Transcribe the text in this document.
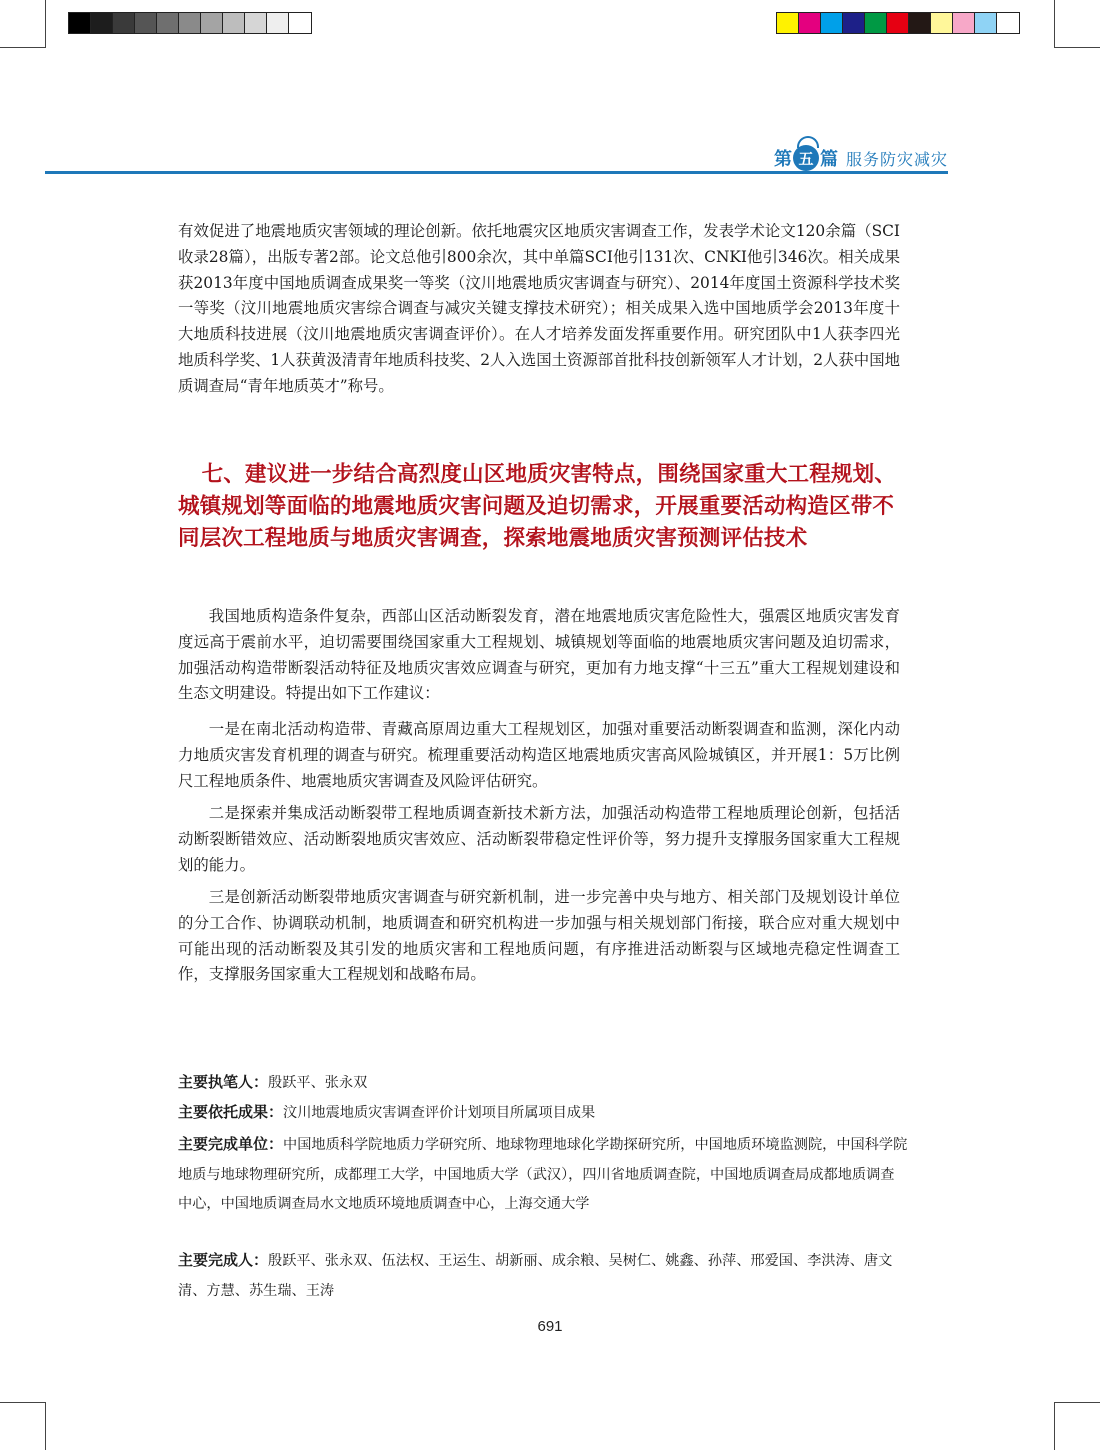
第 五 篇 服务防灾减灾

有效促进了地震地质灾害领域的理论创新。依托地震灾区地质灾害调查工作，发表学术论文120余篇（SCI收录28篇），出版专著2部。论文总他引800余次，其中单篇SCI他引131次、CNKI他引346次。相关成果获2013年度中国地质调查成果奖一等奖（汶川地震地质灾害调查与研究）、2014年度国土资源科学技术奖一等奖（汶川地震地质灾害综合调查与减灾关键支撑技术研究）；相关成果入选中国地质学会2013年度十大地质科技进展（汶川地震地质灾害调查评价）。在人才培养发面发挥重要作用。研究团队中1人获李四光地质科学奖、1人获黄汲清青年地质科技奖、2人入选国土资源部首批科技创新领军人才计划，2人获中国地质调查局“青年地质英才”称号。

七、建议进一步结合高烈度山区地质灾害特点，围绕国家重大工程规划、城镇规划等面临的地震地质灾害问题及迫切需求，开展重要活动构造区带不同层次工程地质与地质灾害调查，探索地震地质灾害预测评估技术

我国地质构造条件复杂，西部山区活动断裂发育，潜在地震地质灾害危险性大，强震区地质灾害发育度远高于震前水平，迫切需要围绕国家重大工程规划、城镇规划等面临的地震地质灾害问题及迫切需求，加强活动构造带断裂活动特征及地质灾害效应调查与研究，更加有力地支撑“十三五”重大工程规划建设和生态文明建设。特提出如下工作建议：

一是在南北活动构造带、青藏高原周边重大工程规划区，加强对重要活动断裂调查和监测，深化内动力地质灾害发育机理的调查与研究。梳理重要活动构造区地震地质灾害高风险城镇区，并开展1：5万比例尺工程地质条件、地震地质灾害调查及风险评估研究。

二是探索并集成活动断裂带工程地质调查新技术新方法，加强活动构造带工程地质理论创新，包括活动断裂断错效应、活动断裂地质灾害效应、活动断裂带稳定性评价等，努力提升支撑服务国家重大工程规划的能力。

三是创新活动断裂带地质灾害调查与研究新机制，进一步完善中央与地方、相关部门及规划设计单位的分工合作、协调联动机制，地质调查和研究机构进一步加强与相关规划部门衔接，联合应对重大规划中可能出现的活动断裂及其引发的地质灾害和工程地质问题，有序推进活动断裂与区域地壳稳定性调查工作，支撑服务国家重大工程规划和战略布局。

主要执笔人：殷跃平、张永双

主要依托成果：汶川地震地质灾害调查评价计划项目所属项目成果

主要完成单位：中国地质科学院地质力学研究所、地球物理地球化学勘探研究所，中国地质环境监测院，中国科学院地质与地球物理研究所，成都理工大学，中国地质大学（武汉），四川省地质调查院，中国地质调查局成都地质调查中心，中国地质调查局水文地质环境地质调查中心，上海交通大学

主要完成人：殷跃平、张永双、伍法权、王运生、胡新丽、成余粮、吴树仁、姚鑫、孙萍、邢爱国、李洪涛、唐文清、方慧、苏生瑞、王涛

691
